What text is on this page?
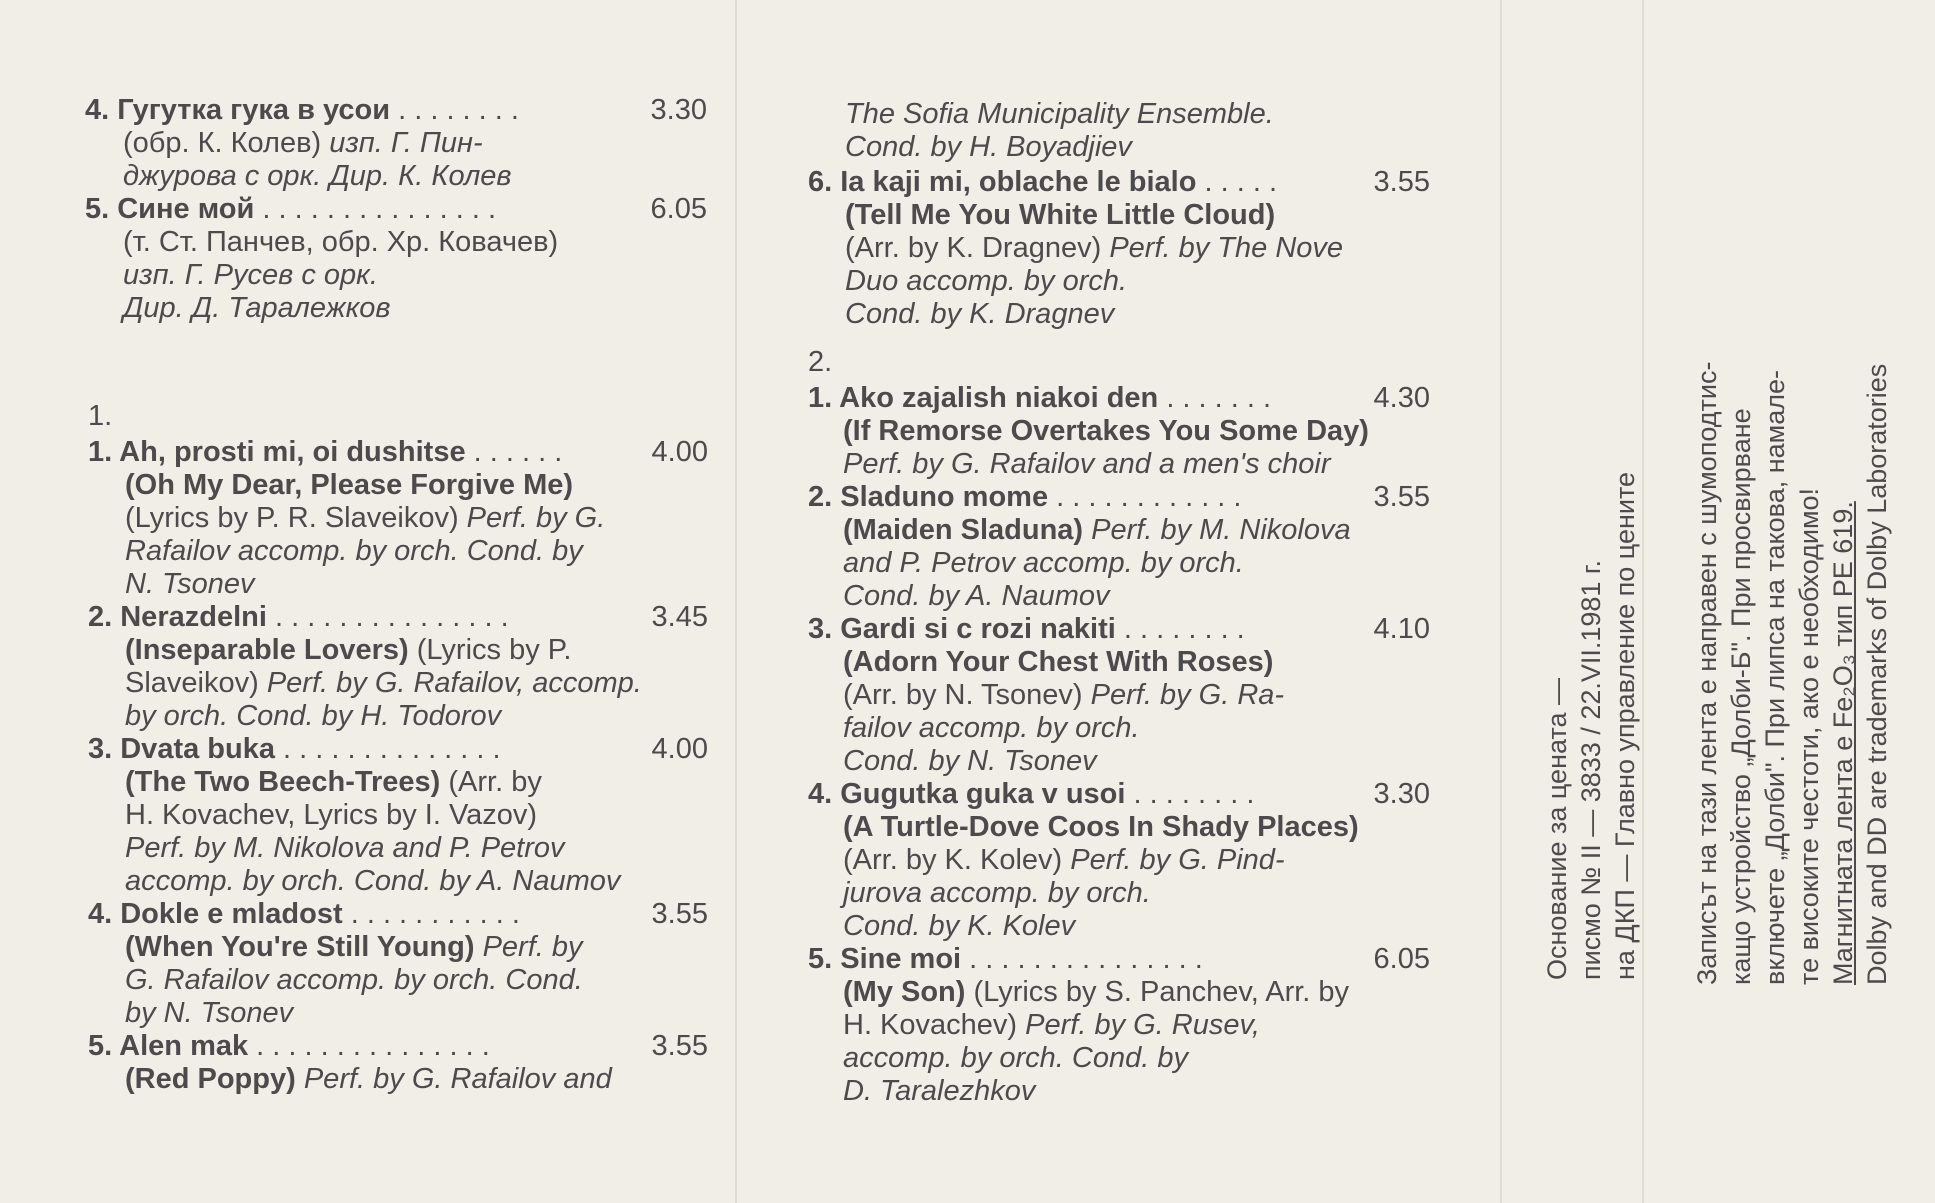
4. Гугутка гука в усои . . . . . . . .	3.30
(обр. К. Колев) изп. Г. Пин-
джурова с орк. Дир. К. Колев
5. Сине мой . . . . . . . . . . . . . . .	6.05
(т. Ст. Панчев, обр. Хр. Ковачев)
изп. Г. Русев с орк.
Дир. Д. Таралежков
1.
1. Ah, prosti mi, oi dushitse . . . . . .	4.00
(Oh My Dear, Please Forgive Me)
(Lyrics by P. R. Slaveikov) Perf. by G.
Rafailov accomp. by orch. Cond. by
N. Tsonev
2. Nerazdelni . . . . . . . . . . . . . . .	3.45
(Inseparable Lovers) (Lyrics by P.
Slaveikov) Perf. by G. Rafailov, accomp.
by orch. Cond. by H. Todorov
3. Dvata buka . . . . . . . . . . . . . .	4.00
(The Two Beech-Trees) (Arr. by
H. Kovachev, Lyrics by I. Vazov)
Perf. by M. Nikolova and P. Petrov
accomp. by orch. Cond. by A. Naumov
4. Dokle e mladost . . . . . . . . . . .	3.55
(When You're Still Young) Perf. by
G. Rafailov accomp. by orch. Cond.
by N. Tsonev
5. Alen mak . . . . . . . . . . . . . . .	3.55
(Red Poppy) Perf. by G. Rafailov and
The Sofia Municipality Ensemble.
Cond. by H. Boyadjiev
6. Ia kaji mi, oblache le bialo . . . . .	3.55
(Tell Me You White Little Cloud)
(Arr. by K. Dragnev) Perf. by The Nove
Duo accomp. by orch.
Cond. by K. Dragnev
2.
1. Ako zajalish niakoi den . . . . . . .	4.30
(If Remorse Overtakes You Some Day)
Perf. by G. Rafailov and a men's choir
2. Sladuno mome . . . . . . . . . . . .	3.55
(Maiden Sladuna) Perf. by M. Nikolova
and P. Petrov accomp. by orch.
Cond. by A. Naumov
3. Gardi si c rozi nakiti . . . . . . . .	4.10
(Adorn Your Chest With Roses)
(Arr. by N. Tsonev) Perf. by G. Ra-
failov accomp. by orch.
Cond. by N. Tsonev
4. Gugutka guka v usoi . . . . . . . .	3.30
(A Turtle-Dove Coos In Shady Places)
(Arr. by K. Kolev) Perf. by G. Pind-
jurova accomp. by orch.
Cond. by K. Kolev
5. Sine moi . . . . . . . . . . . . . . .	6.05
(My Son) (Lyrics by S. Panchev, Arr. by
H. Kovachev) Perf. by G. Rusev,
accomp. by orch. Cond. by
D. Taralezhkov
Основание за цената — писмо № II — 3833 / 22.VII.1981 г. на ДКП — Главно управление по цените Записът на тази лента е направен с шумоподтис- кащо устройство „Долби-Б". При просвирване включете „Долби". При липса на такова, намале- те високите честоти, ако е необходимо! Магнитната лента е Fe₂O₃ тип PE 619. Dolby and DD are trademarks of Dolby Laboratories
